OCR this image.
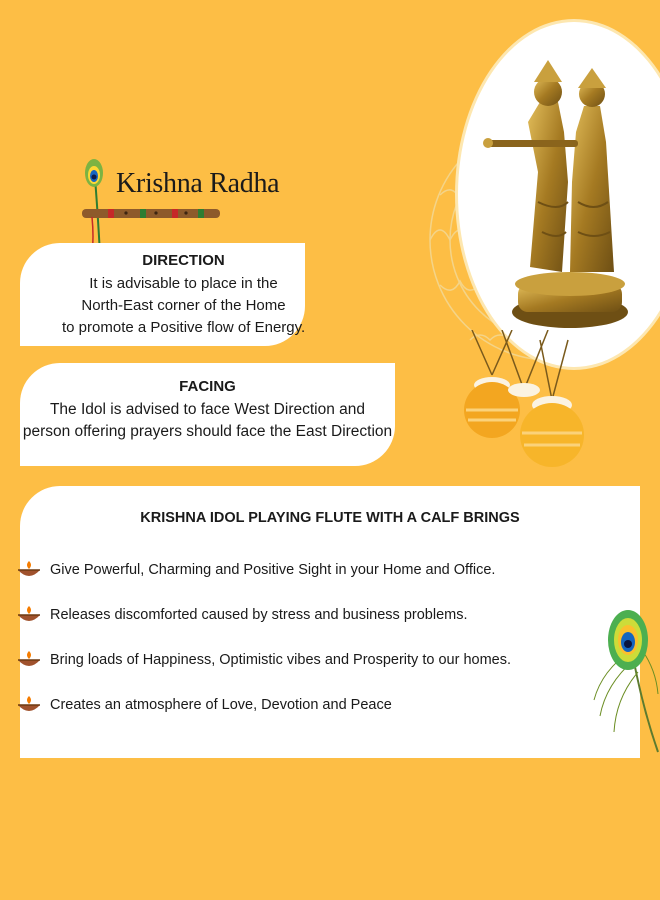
Krishna Radha
DIRECTION
It is advisable to place in the
North-East corner of the Home
to promote a Positive flow of Energy.
FACING
The Idol is advised to face West Direction and
person offering prayers should face the East Direction
KRISHNA IDOL PLAYING FLUTE WITH A CALF BRINGS
Give Powerful, Charming and Positive Sight in your Home and Office.
Releases discomforted caused by stress and business problems.
Bring loads of Happiness, Optimistic vibes and Prosperity to our homes.
Creates an atmosphere of Love, Devotion and Peace
